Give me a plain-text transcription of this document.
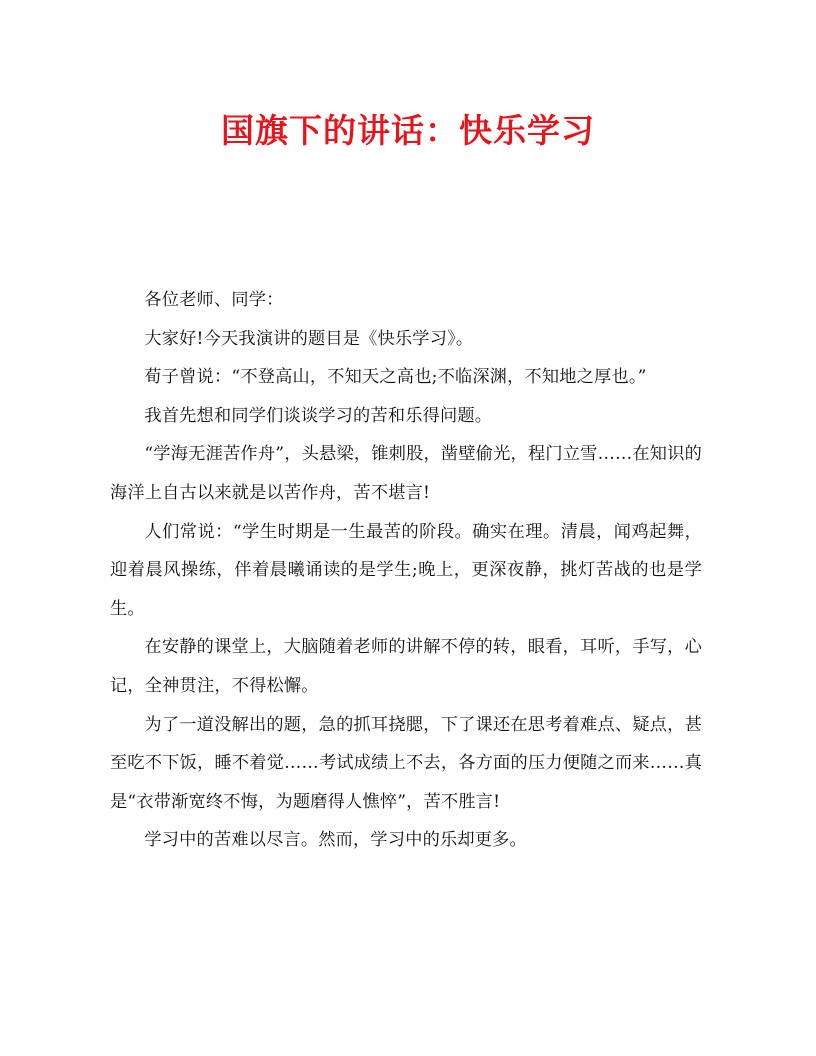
国旗下的讲话：快乐学习

各位老师、同学：

大家好!今天我演讲的题目是《快乐学习》。

荀子曾说：“不登高山，不知天之高也;不临深渊，不知地之厚也。”

我首先想和同学们谈谈学习的苦和乐得问题。

“学海无涯苦作舟”，头悬梁，锥刺股，凿壁偷光，程门立雪……在知识的海洋上自古以来就是以苦作舟，苦不堪言!

人们常说：“学生时期是一生最苦的阶段。确实在理。清晨，闻鸡起舞，迎着晨风操练，伴着晨曦诵读的是学生;晚上，更深夜静，挑灯苦战的也是学生。

在安静的课堂上，大脑随着老师的讲解不停的转，眼看，耳听，手写，心记，全神贯注，不得松懈。

为了一道没解出的题，急的抓耳挠腮，下了课还在思考着难点、疑点，甚至吃不下饭，睡不着觉……考试成绩上不去，各方面的压力便随之而来……真是“衣带渐宽终不悔，为题磨得人憔悴”，苦不胜言!

学习中的苦难以尽言。然而，学习中的乐却更多。
